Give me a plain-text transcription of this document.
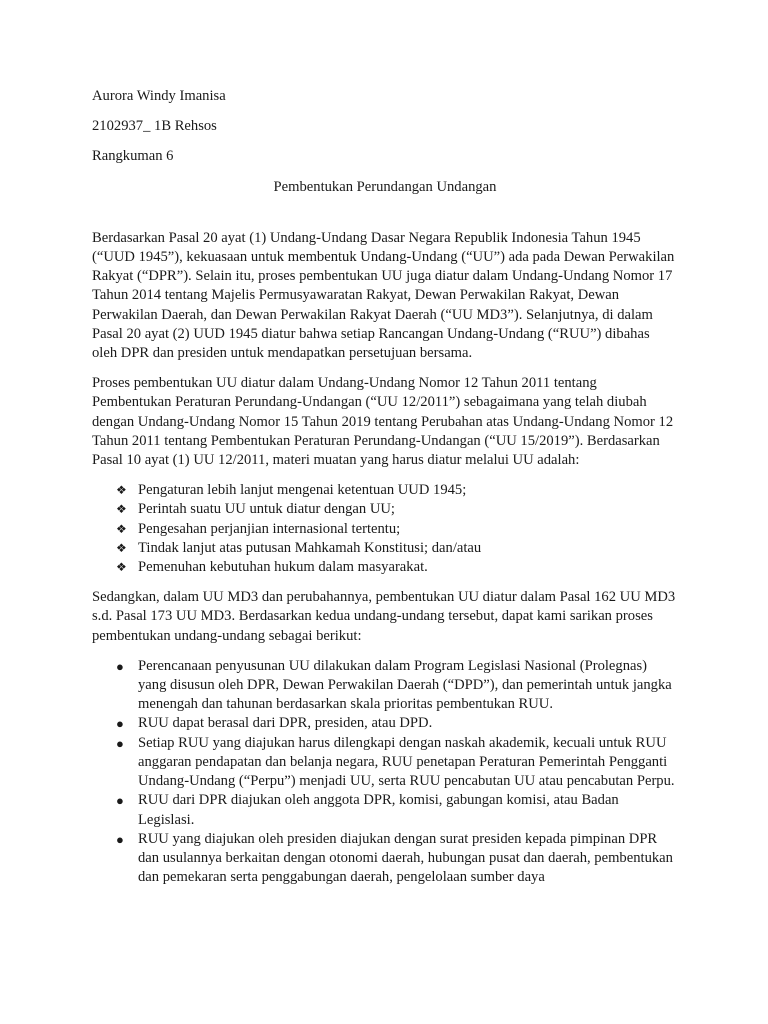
Aurora Windy Imanisa
2102937_ 1B Rehsos
Rangkuman 6
Pembentukan Perundangan Undangan

Berdasarkan Pasal 20 ayat (1) Undang-Undang Dasar Negara Republik Indonesia Tahun 1945 (“UUD 1945”), kekuasaan untuk membentuk Undang-Undang (“UU”) ada pada Dewan Perwakilan Rakyat (“DPR”). Selain itu, proses pembentukan UU juga diatur dalam Undang-Undang Nomor 17 Tahun 2014 tentang Majelis Permusyawaratan Rakyat, Dewan Perwakilan Rakyat, Dewan Perwakilan Daerah, dan Dewan Perwakilan Rakyat Daerah (“UU MD3”). Selanjutnya, di dalam Pasal 20 ayat (2) UUD 1945 diatur bahwa setiap Rancangan Undang-Undang (“RUU”) dibahas oleh DPR dan presiden untuk mendapatkan persetujuan bersama.

Proses pembentukan UU diatur dalam Undang-Undang Nomor 12 Tahun 2011 tentang Pembentukan Peraturan Perundang-Undangan (“UU 12/2011”) sebagaimana yang telah diubah dengan Undang-Undang Nomor 15 Tahun 2019 tentang Perubahan atas Undang-Undang Nomor 12 Tahun 2011 tentang Pembentukan Peraturan Perundang-Undangan (“UU 15/2019”). Berdasarkan Pasal 10 ayat (1) UU 12/2011, materi muatan yang harus diatur melalui UU adalah:

❖ Pengaturan lebih lanjut mengenai ketentuan UUD 1945;
❖ Perintah suatu UU untuk diatur dengan UU;
❖ Pengesahan perjanjian internasional tertentu;
❖ Tindak lanjut atas putusan Mahkamah Konstitusi; dan/atau
❖ Pemenuhan kebutuhan hukum dalam masyarakat.

Sedangkan, dalam UU MD3 dan perubahannya, pembentukan UU diatur dalam Pasal 162 UU MD3 s.d. Pasal 173 UU MD3. Berdasarkan kedua undang-undang tersebut, dapat kami sarikan proses pembentukan undang-undang sebagai berikut:

● Perencanaan penyusunan UU dilakukan dalam Program Legislasi Nasional (Prolegnas) yang disusun oleh DPR, Dewan Perwakilan Daerah (“DPD”), dan pemerintah untuk jangka menengah dan tahunan berdasarkan skala prioritas pembentukan RUU.
● RUU dapat berasal dari DPR, presiden, atau DPD.
● Setiap RUU yang diajukan harus dilengkapi dengan naskah akademik, kecuali untuk RUU anggaran pendapatan dan belanja negara, RUU penetapan Peraturan Pemerintah Pengganti Undang-Undang (“Perpu”) menjadi UU, serta RUU pencabutan UU atau pencabutan Perpu.
● RUU dari DPR diajukan oleh anggota DPR, komisi, gabungan komisi, atau Badan Legislasi.
● RUU yang diajukan oleh presiden diajukan dengan surat presiden kepada pimpinan DPR dan usulannya berkaitan dengan otonomi daerah, hubungan pusat dan daerah, pembentukan dan pemekaran serta penggabungan daerah, pengelolaan sumber daya
